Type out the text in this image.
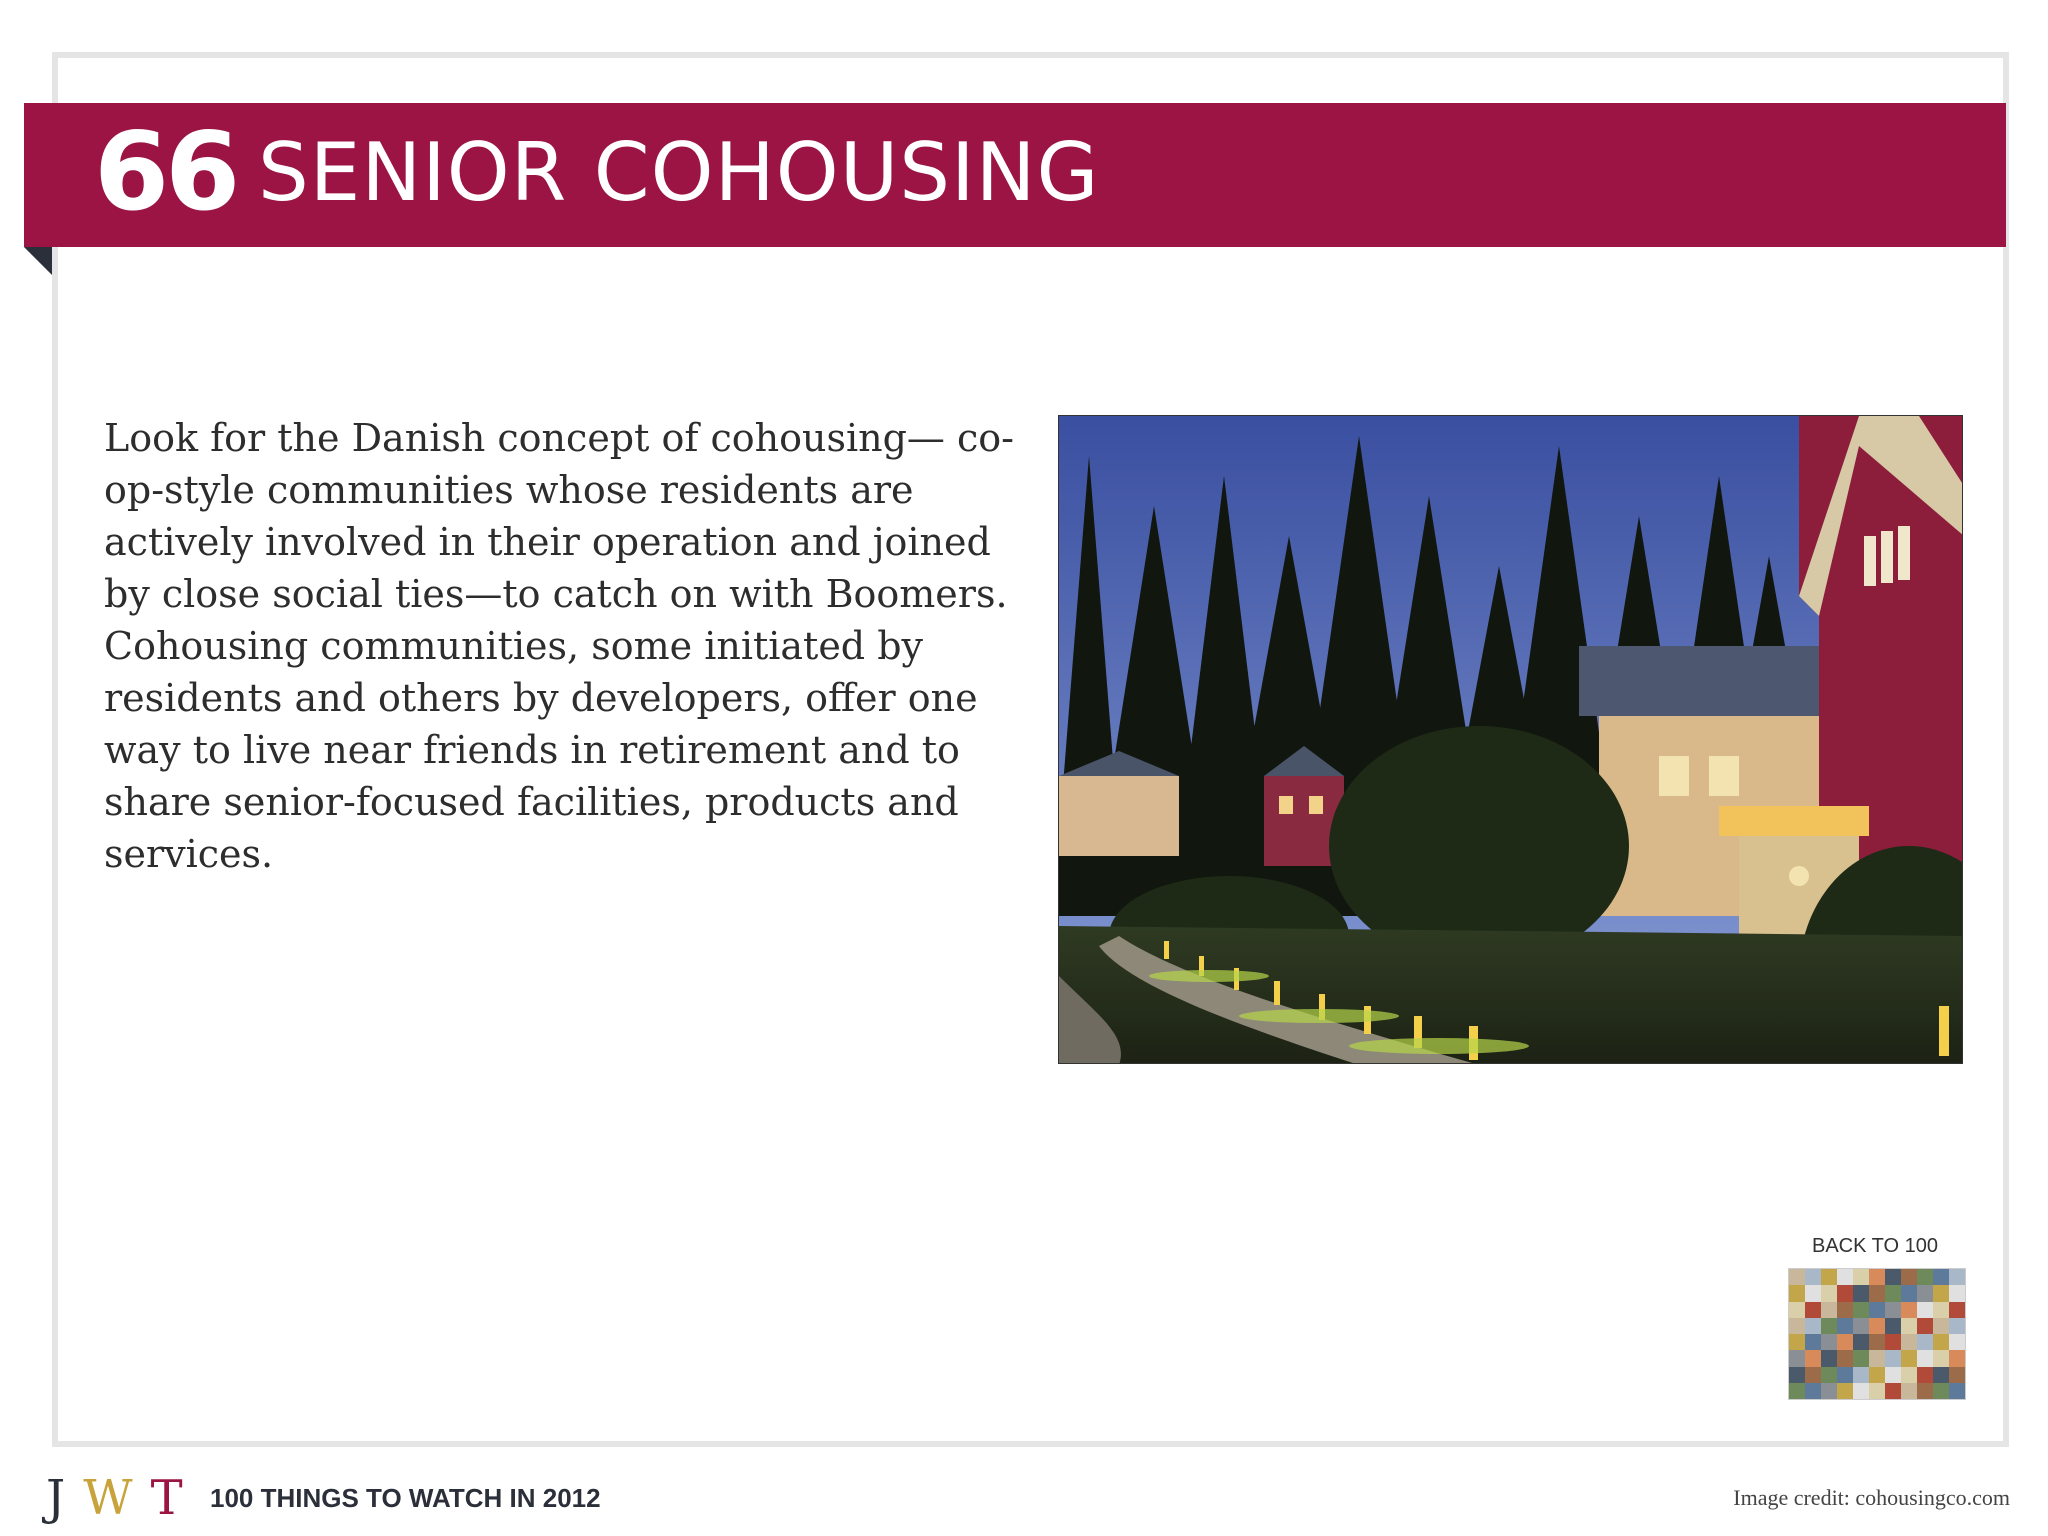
66 SENIOR COHOUSING

Look for the Danish concept of cohousing— co-op-style communities whose residents are actively involved in their operation and joined by close social ties—to catch on with Boomers. Cohousing communities, some initiated by residents and others by developers, offer one way to live near friends in retirement and to share senior-focused facilities, products and services.

BACK TO 100
JWT 100 THINGS TO WATCH IN 2012	Image credit: cohousingco.com
